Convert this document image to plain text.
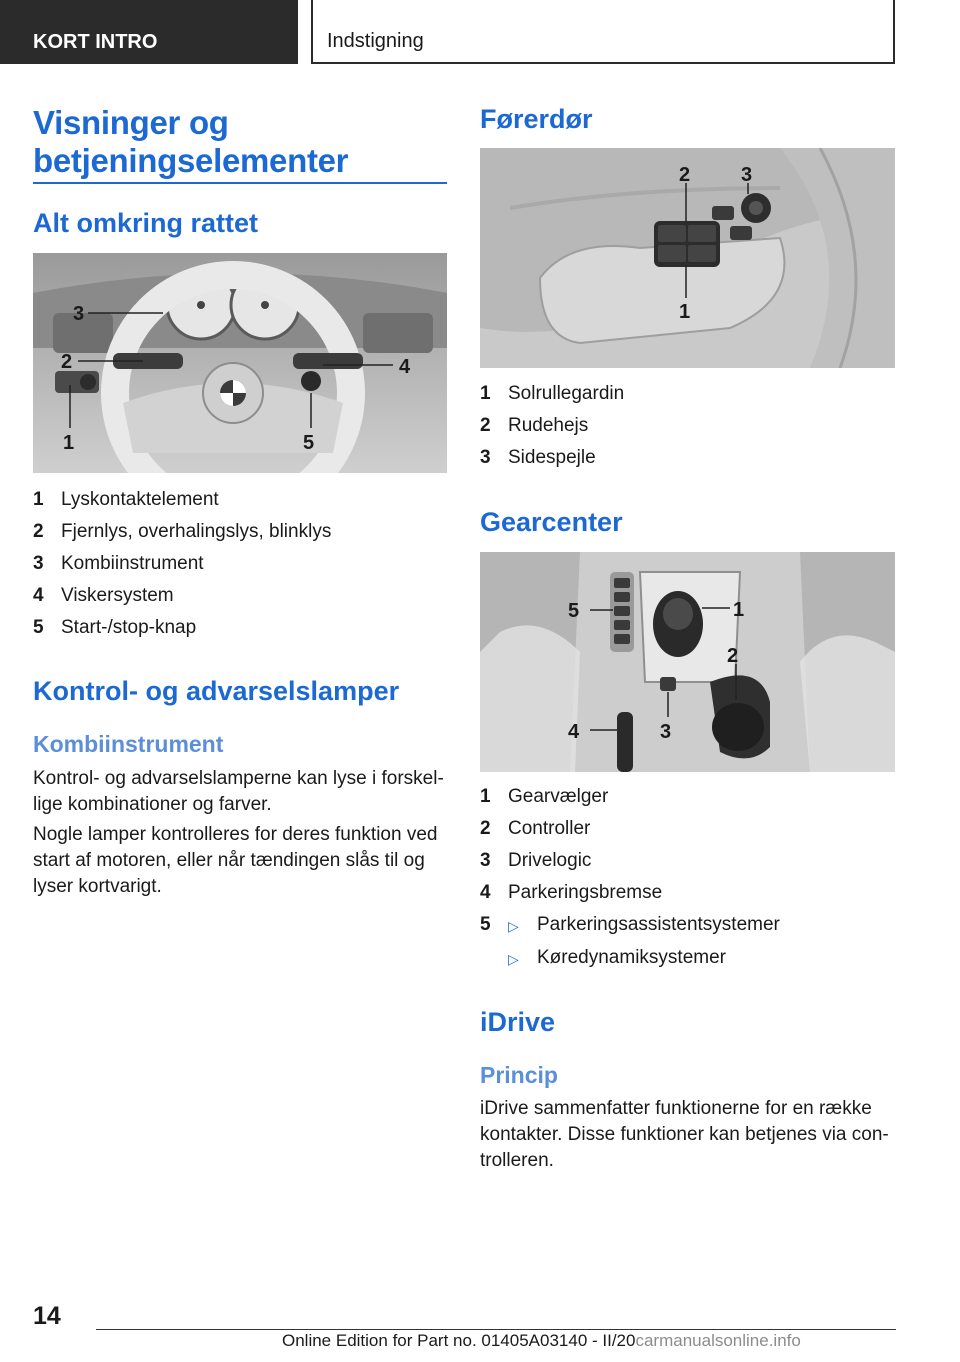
KORT INTRO	Indstigning
Visninger og betjeningselementer
Alt omkring rattet
3
2
1
4
5
1 Lyskontaktelement
2 Fjernlys, overhalingslys, blinklys
3 Kombiinstrument
4 Viskersystem
5 Start-/stop-knap
Kontrol- og advarselslamper
Kombiinstrument

Kontrol- og advarselslamperne kan lyse i forskellige kombinationer og farver.

Nogle lamper kontrolleres for deres funktion ved start af motoren, eller når tændingen slås til og lyser kortvarigt.

Førerdør
2	3
1
1 Solrullegardin
2 Rudehejs
3 Sidespejle
Gearcenter
5	1
2
3
4
1 Gearvælger
2 Controller
3 Drivelogic
4 Parkeringsbremse
5	▷ Parkeringsassistentsystemer
▷ Køredynamiksystemer
iDrive
Princip

iDrive sammenfatter funktionerne for en række kontakter. Disse funktioner kan betjenes via controlleren.

14
Online Edition for Part no. 01405A03140 - II/20carmanualsonline.info
